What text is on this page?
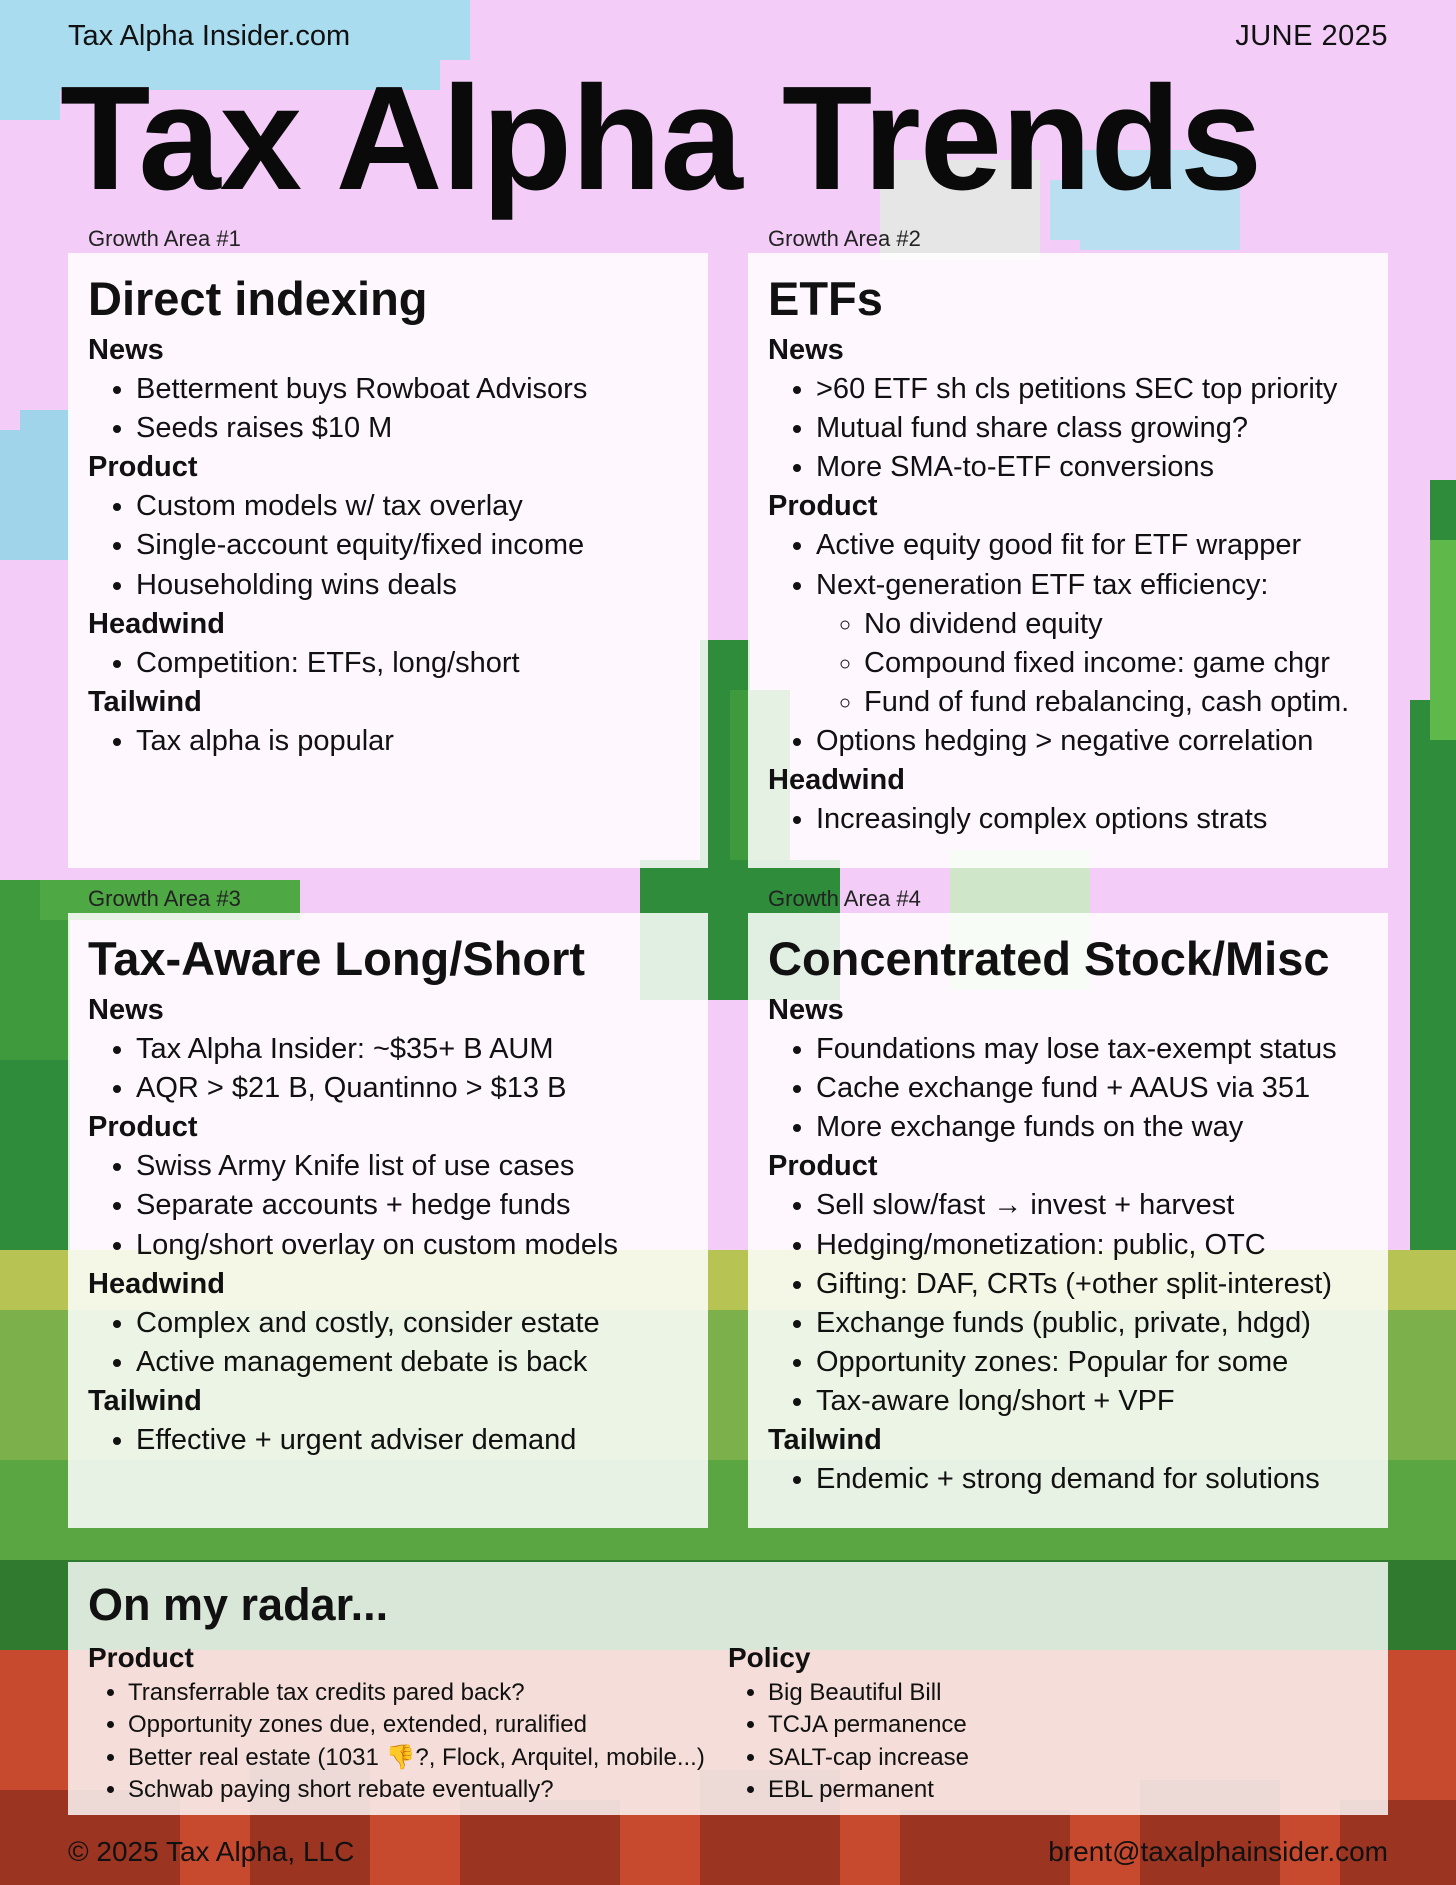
Tax Alpha Insider.com	JUNE 2025
Tax Alpha Trends
Growth Area #1	Growth Area #2
Growth Area #3	Growth Area #4
Direct indexing
News
• Betterment buys Rowboat Advisors
• Seeds raises $10 M
Product
• Custom models w/ tax overlay
• Single-account equity/fixed income
• Householding wins deals
Headwind
• Competition: ETFs, long/short
Tailwind
• Tax alpha is popular
ETFs
News
• >60 ETF sh cls petitions SEC top priority
• Mutual fund share class growing?
• More SMA-to-ETF conversions
Product
• Active equity good fit for ETF wrapper
• Next-generation ETF tax efficiency:
◦ No dividend equity
◦ Compound fixed income: game chgr
◦ Fund of fund rebalancing, cash optim.
• Options hedging > negative correlation
Headwind
• Increasingly complex options strats
Tax-Aware Long/Short
News
• Tax Alpha Insider: ~$35+ B AUM
• AQR > $21 B, Quantinno > $13 B
Product
• Swiss Army Knife list of use cases
• Separate accounts + hedge funds
• Long/short overlay on custom models
Headwind
• Complex and costly, consider estate
• Active management debate is back
Tailwind
• Effective + urgent adviser demand
Concentrated Stock/Misc
News
• Foundations may lose tax-exempt status
• Cache exchange fund + AAUS via 351
• More exchange funds on the way
Product
• Sell slow/fast → invest + harvest
• Hedging/monetization: public, OTC
• Gifting: DAF, CRTs (+other split-interest)
• Exchange funds (public, private, hdgd)
• Opportunity zones: Popular for some
• Tax-aware long/short + VPF
Tailwind
• Endemic + strong demand for solutions
On my radar...
Product
• Transferrable tax credits pared back?
• Opportunity zones due, extended, ruralified
• Better real estate (1031 👎?, Flock, Arquitel, mobile...)
• Schwab paying short rebate eventually?
Policy
• Big Beautiful Bill
• TCJA permanence
• SALT-cap increase
• EBL permanent
© 2025 Tax Alpha, LLC	brent@taxalphainsider.com
